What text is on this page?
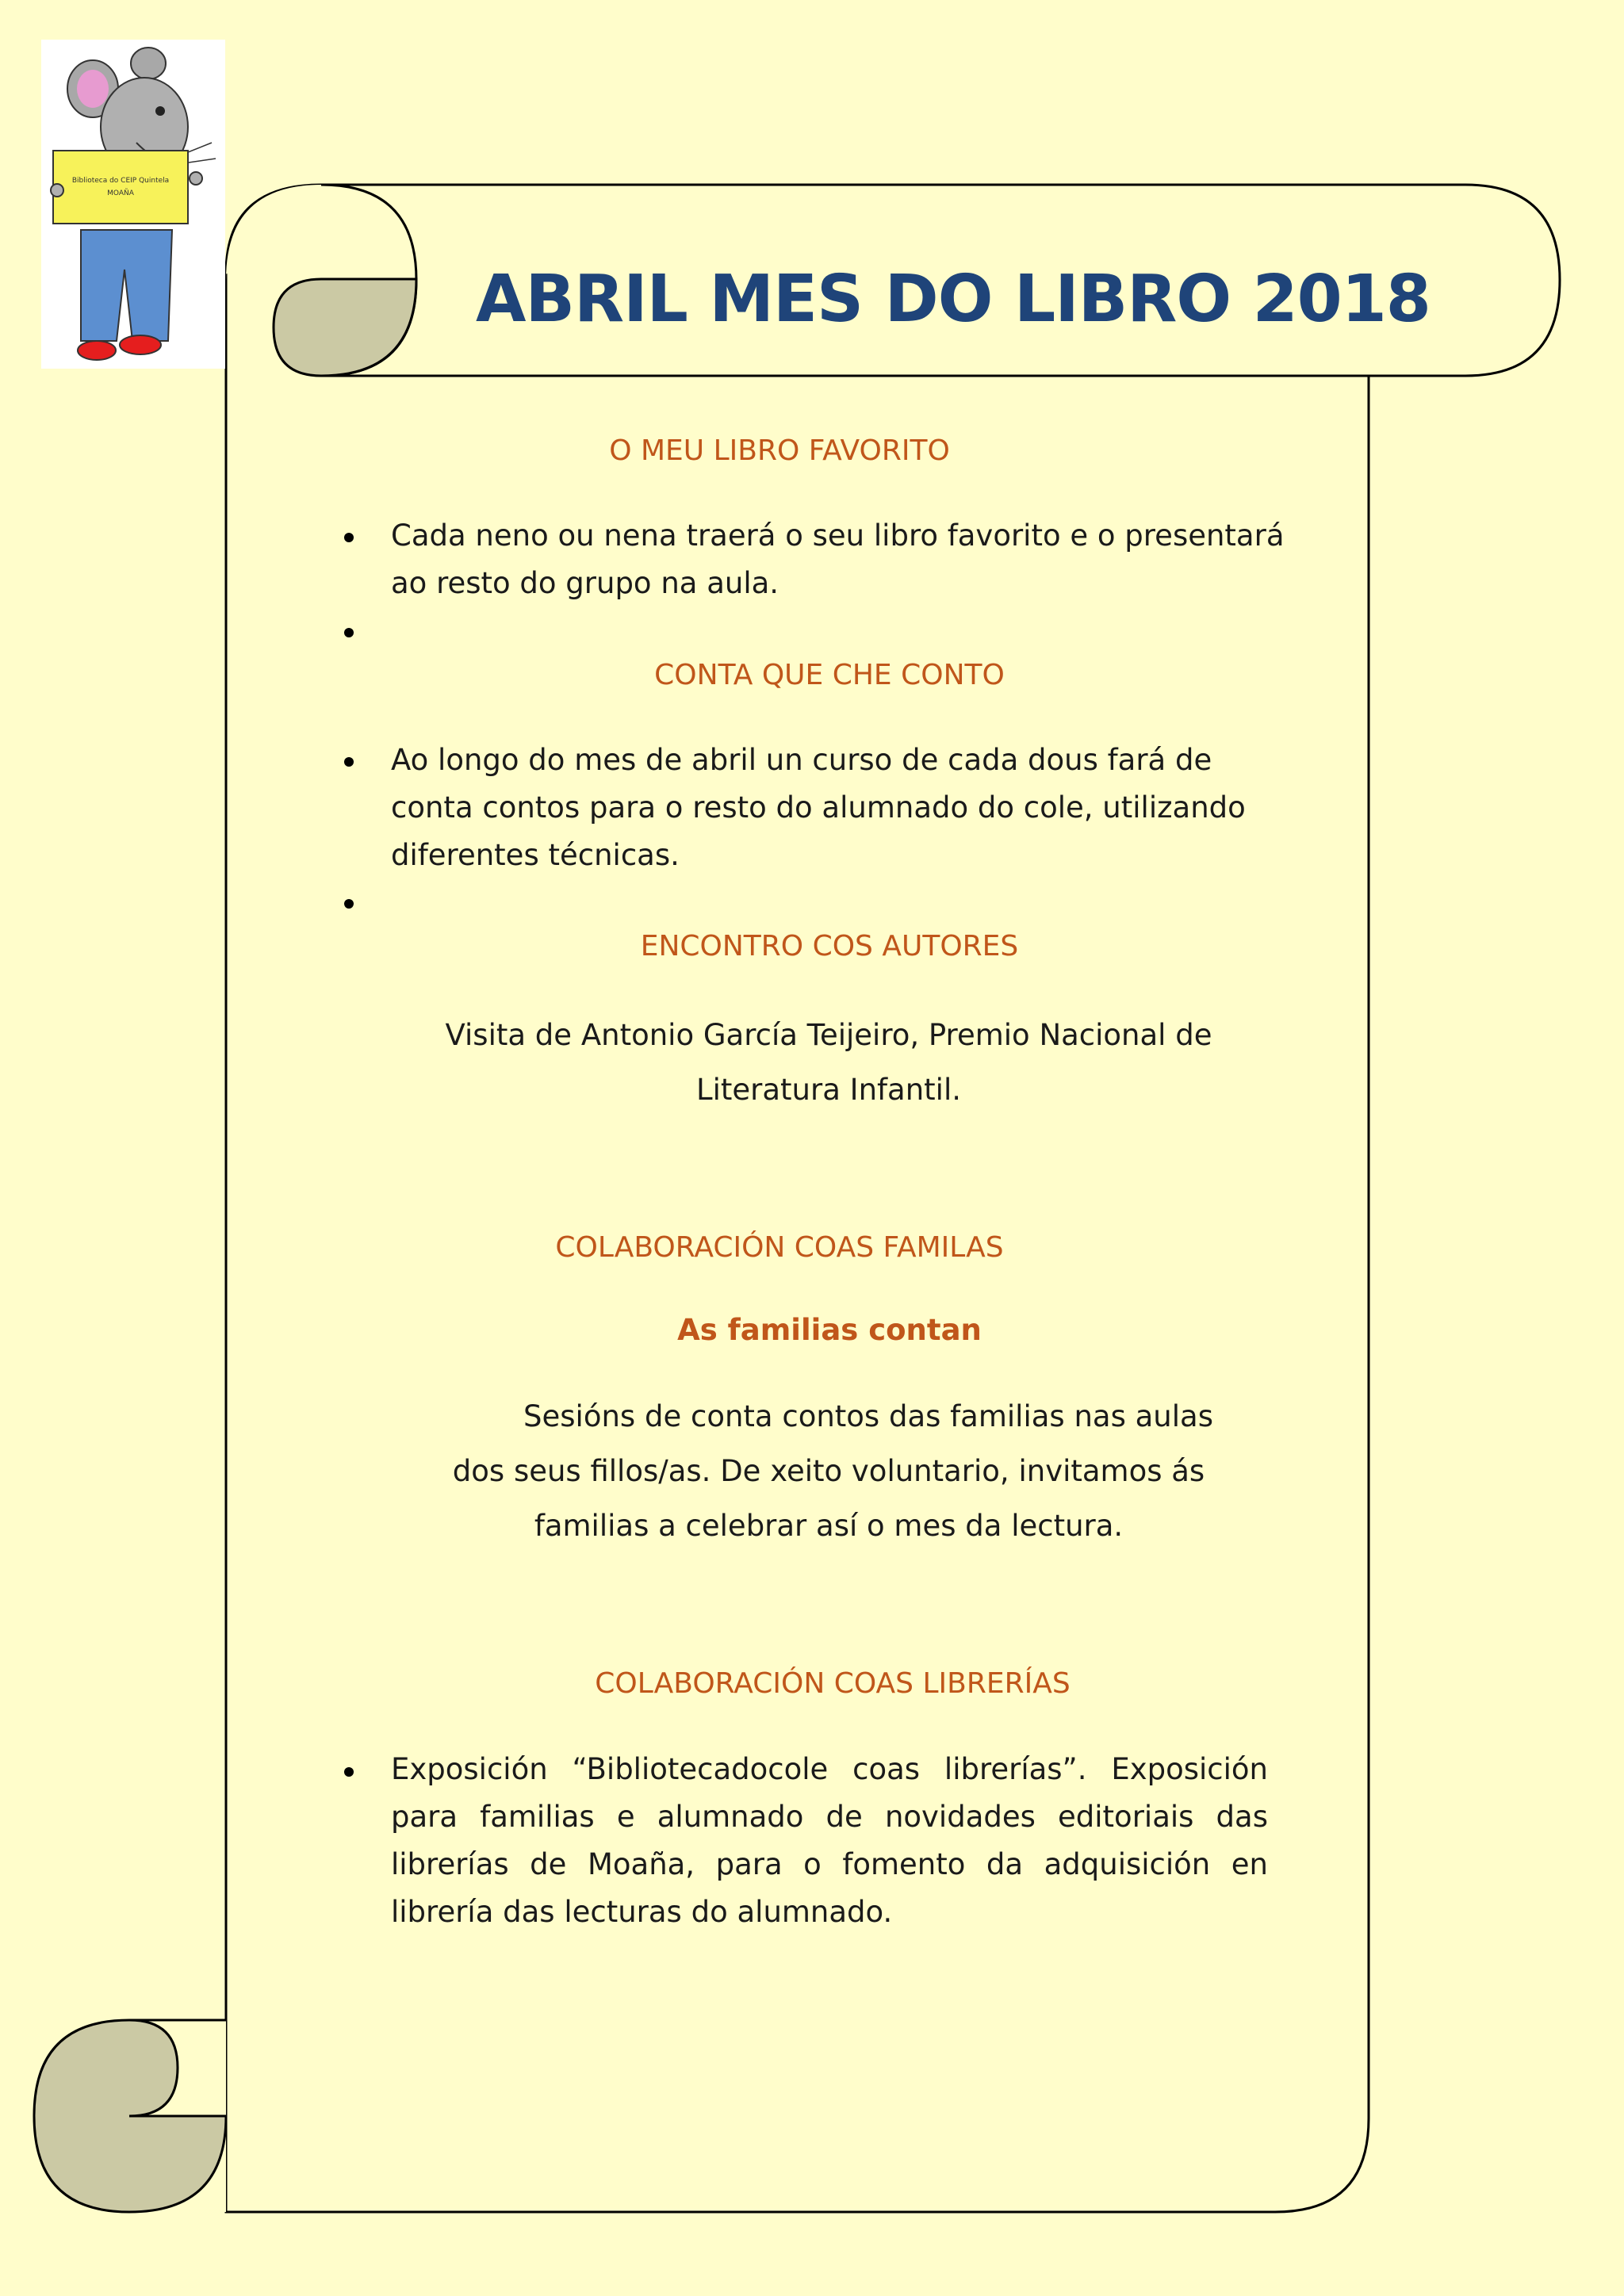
Biblioteca do CEIP Quintela
MOAÑA
ABRIL MES DO LIBRO 2018
O MEU LIBRO FAVORITO
Cada neno ou nena traerá o seu libro favorito e o presentará ao resto do grupo na aula.
CONTA QUE CHE CONTO
Ao longo do mes de abril un curso de cada dous fará de conta contos para o resto do alumnado do cole, utilizando diferentes técnicas.
ENCONTRO COS AUTORES
Visita de Antonio García Teijeiro, Premio Nacional de Literatura Infantil.
COLABORACIÓN COAS FAMILAS
As familias contan
Sesións de conta contos das familias nas aulas dos seus fillos/as. De xeito voluntario, invitamos ás familias a celebrar así o mes da lectura.
COLABORACIÓN COAS LIBRERÍAS
Exposición “Bibliotecadocole coas librerías”. Exposición para familias e alumnado de novidades editoriais das librerías de Moaña, para o fomento da adquisición en librería das lecturas do alumnado.
